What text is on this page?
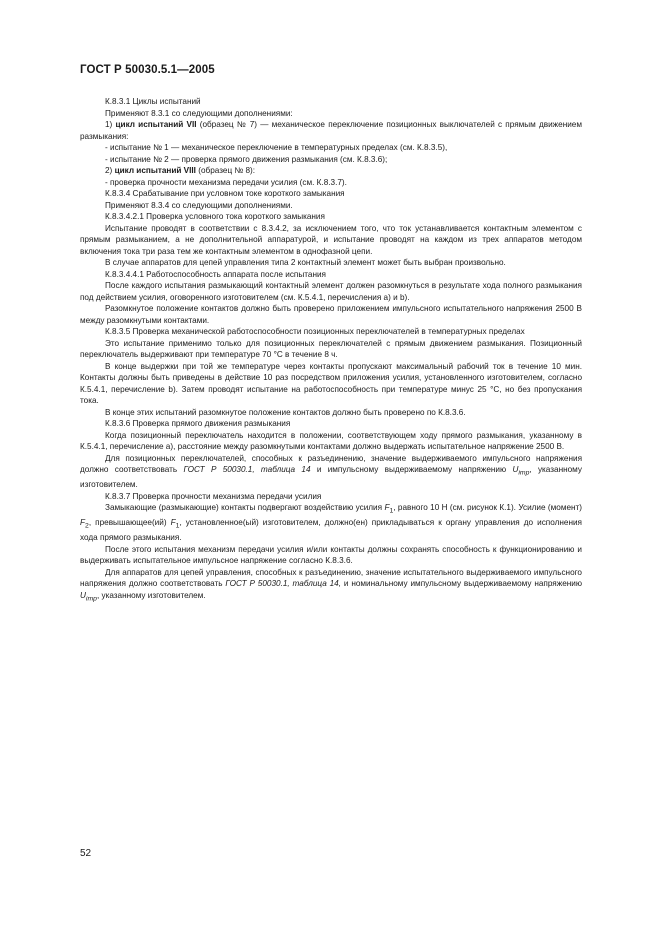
ГОСТ Р 50030.5.1—2005

К.8.3.1 Циклы испытаний

Применяют 8.3.1 со следующими дополнениями:

1) цикл испытаний VII (образец № 7) — механическое переключение позиционных выключателей с прямым движением размыкания:

- испытание № 1 — механическое переключение в температурных пределах (см. К.8.3.5),

- испытание № 2 — проверка прямого движения размыкания (см. К.8.3.6);

2) цикл испытаний VIII (образец № 8):

- проверка прочности механизма передачи усилия (см. К.8.3.7).

К.8.3.4 Срабатывание при условном токе короткого замыкания

Применяют 8.3.4 со следующими дополнениями.

К.8.3.4.2.1 Проверка условного тока короткого замыкания

Испытание проводят в соответствии с 8.3.4.2, за исключением того, что ток устанавливается контактным элементом с прямым размыканием, а не дополнительной аппаратурой, и испытание проводят на каждом из трех аппаратов методом включения тока три раза тем же контактным элементом в однофазной цепи.

В случае аппаратов для цепей управления типа 2 контактный элемент может быть выбран произвольно.

К.8.3.4.4.1 Работоспособность аппарата после испытания

После каждого испытания размыкающий контактный элемент должен разомкнуться в результате хода полного размыкания под действием усилия, оговоренного изготовителем (см. К.5.4.1, перечисления а) и b).

Разомкнутое положение контактов должно быть проверено приложением импульсного испытательного напряжения 2500 В между разомкнутыми контактами.

К.8.3.5 Проверка механической работоспособности позиционных переключателей в температурных пределах

Это испытание применимо только для позиционных переключателей с прямым движением размыкания. Позиционный переключатель выдерживают при температуре 70 °С в течение 8 ч.

В конце выдержки при той же температуре через контакты пропускают максимальный рабочий ток в течение 10 мин. Контакты должны быть приведены в действие 10 раз посредством приложения усилия, установленного изготовителем, согласно К.5.4.1, перечисление b). Затем проводят испытание на работоспособность при температуре минус 25 °С, но без пропускания тока.

В конце этих испытаний разомкнутое положение контактов должно быть проверено по К.8.3.6.

К.8.3.6 Проверка прямого движения размыкания

Когда позиционный переключатель находится в положении, соответствующем ходу прямого размыкания, указанному в К.5.4.1, перечисление а), расстояние между разомкнутыми контактами должно выдержать испытательное напряжение 2500 В.

Для позиционных переключателей, способных к разъединению, значение выдерживаемого импульсного напряжения должно соответствовать ГОСТ Р 50030.1, таблица 14 и импульсному выдерживаемому напряжению $U_{imp}$, указанному изготовителем.

К.8.3.7 Проверка прочности механизма передачи усилия

Замыкающие (размыкающие) контакты подвергают воздействию усилия $F_1$, равного 10 Н (см. рисунок К.1). Усилие (момент) $F_2$, превышающее(ий) $F_1$, установленное(ый) изготовителем, должно(ен) прикладываться к органу управления до исполнения хода прямого размыкания.

После этого испытания механизм передачи усилия и/или контакты должны сохранять способность к функционированию и выдерживать испытательное импульсное напряжение согласно К.8.3.6.

Для аппаратов для цепей управления, способных к разъединению, значение испытательного выдерживаемого импульсного напряжения должно соответствовать ГОСТ Р 50030.1, таблица 14, и номинальному импульсному выдерживаемому напряжению $U_{imp}$, указанному изготовителем.

52
